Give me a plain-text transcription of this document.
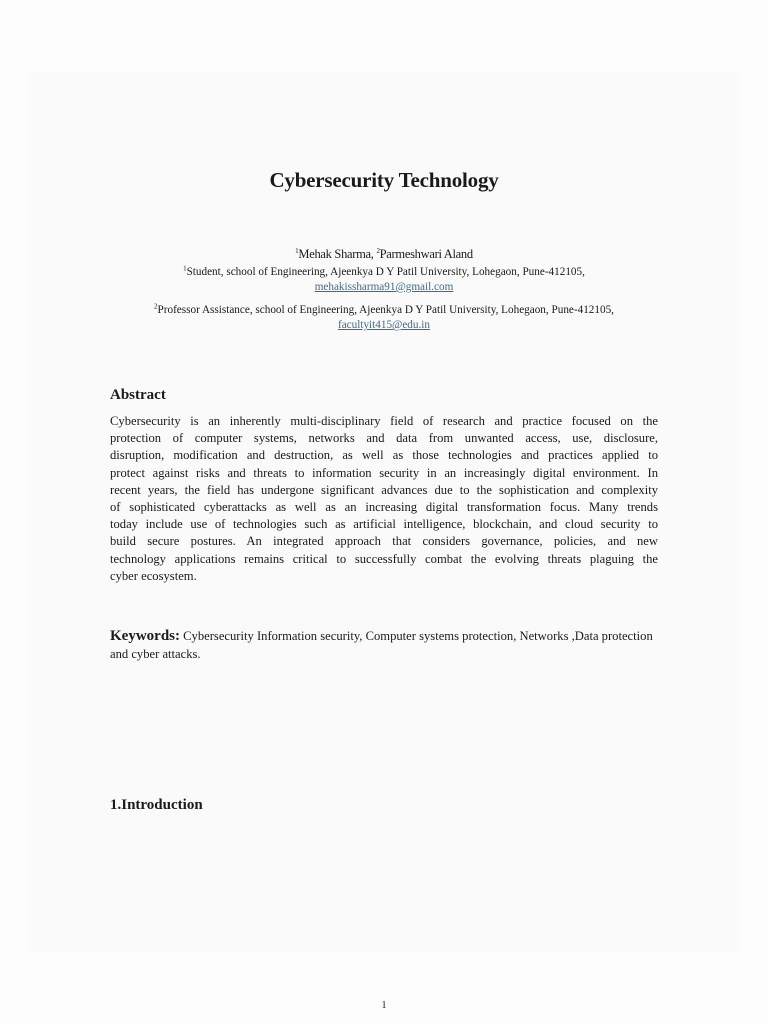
Cybersecurity Technology
$^1$Mehak Sharma, $^2$Parmeshwari Aland
$^1$Student, school of Engineering, Ajeenkya D Y Patil University, Lohegaon, Pune-412105,
mehakissharma91@gmail.com
$^2$Professor Assistance, school of Engineering, Ajeenkya D Y Patil University, Lohegaon, Pune-412105,
facultyit415@edu.in
Abstract
Cybersecurity is an inherently multi-disciplinary field of research and practice focused on the
protection of computer systems, networks and data from unwanted access, use, disclosure,
disruption, modification and destruction, as well as those technologies and practices applied to
protect against risks and threats to information security in an increasingly digital environment. In
recent years, the field has undergone significant advances due to the sophistication and complexity
of sophisticated cyberattacks as well as an increasing digital transformation focus. Many trends
today include use of technologies such as artificial intelligence, blockchain, and cloud security to
build secure postures. An integrated approach that considers governance, policies, and new
technology applications remains critical to successfully combat the evolving threats plaguing the
cyber ecosystem.
Keywords: Cybersecurity Information security, Computer systems protection, Networks ,Data protection and cyber attacks.
1.Introduction
1
